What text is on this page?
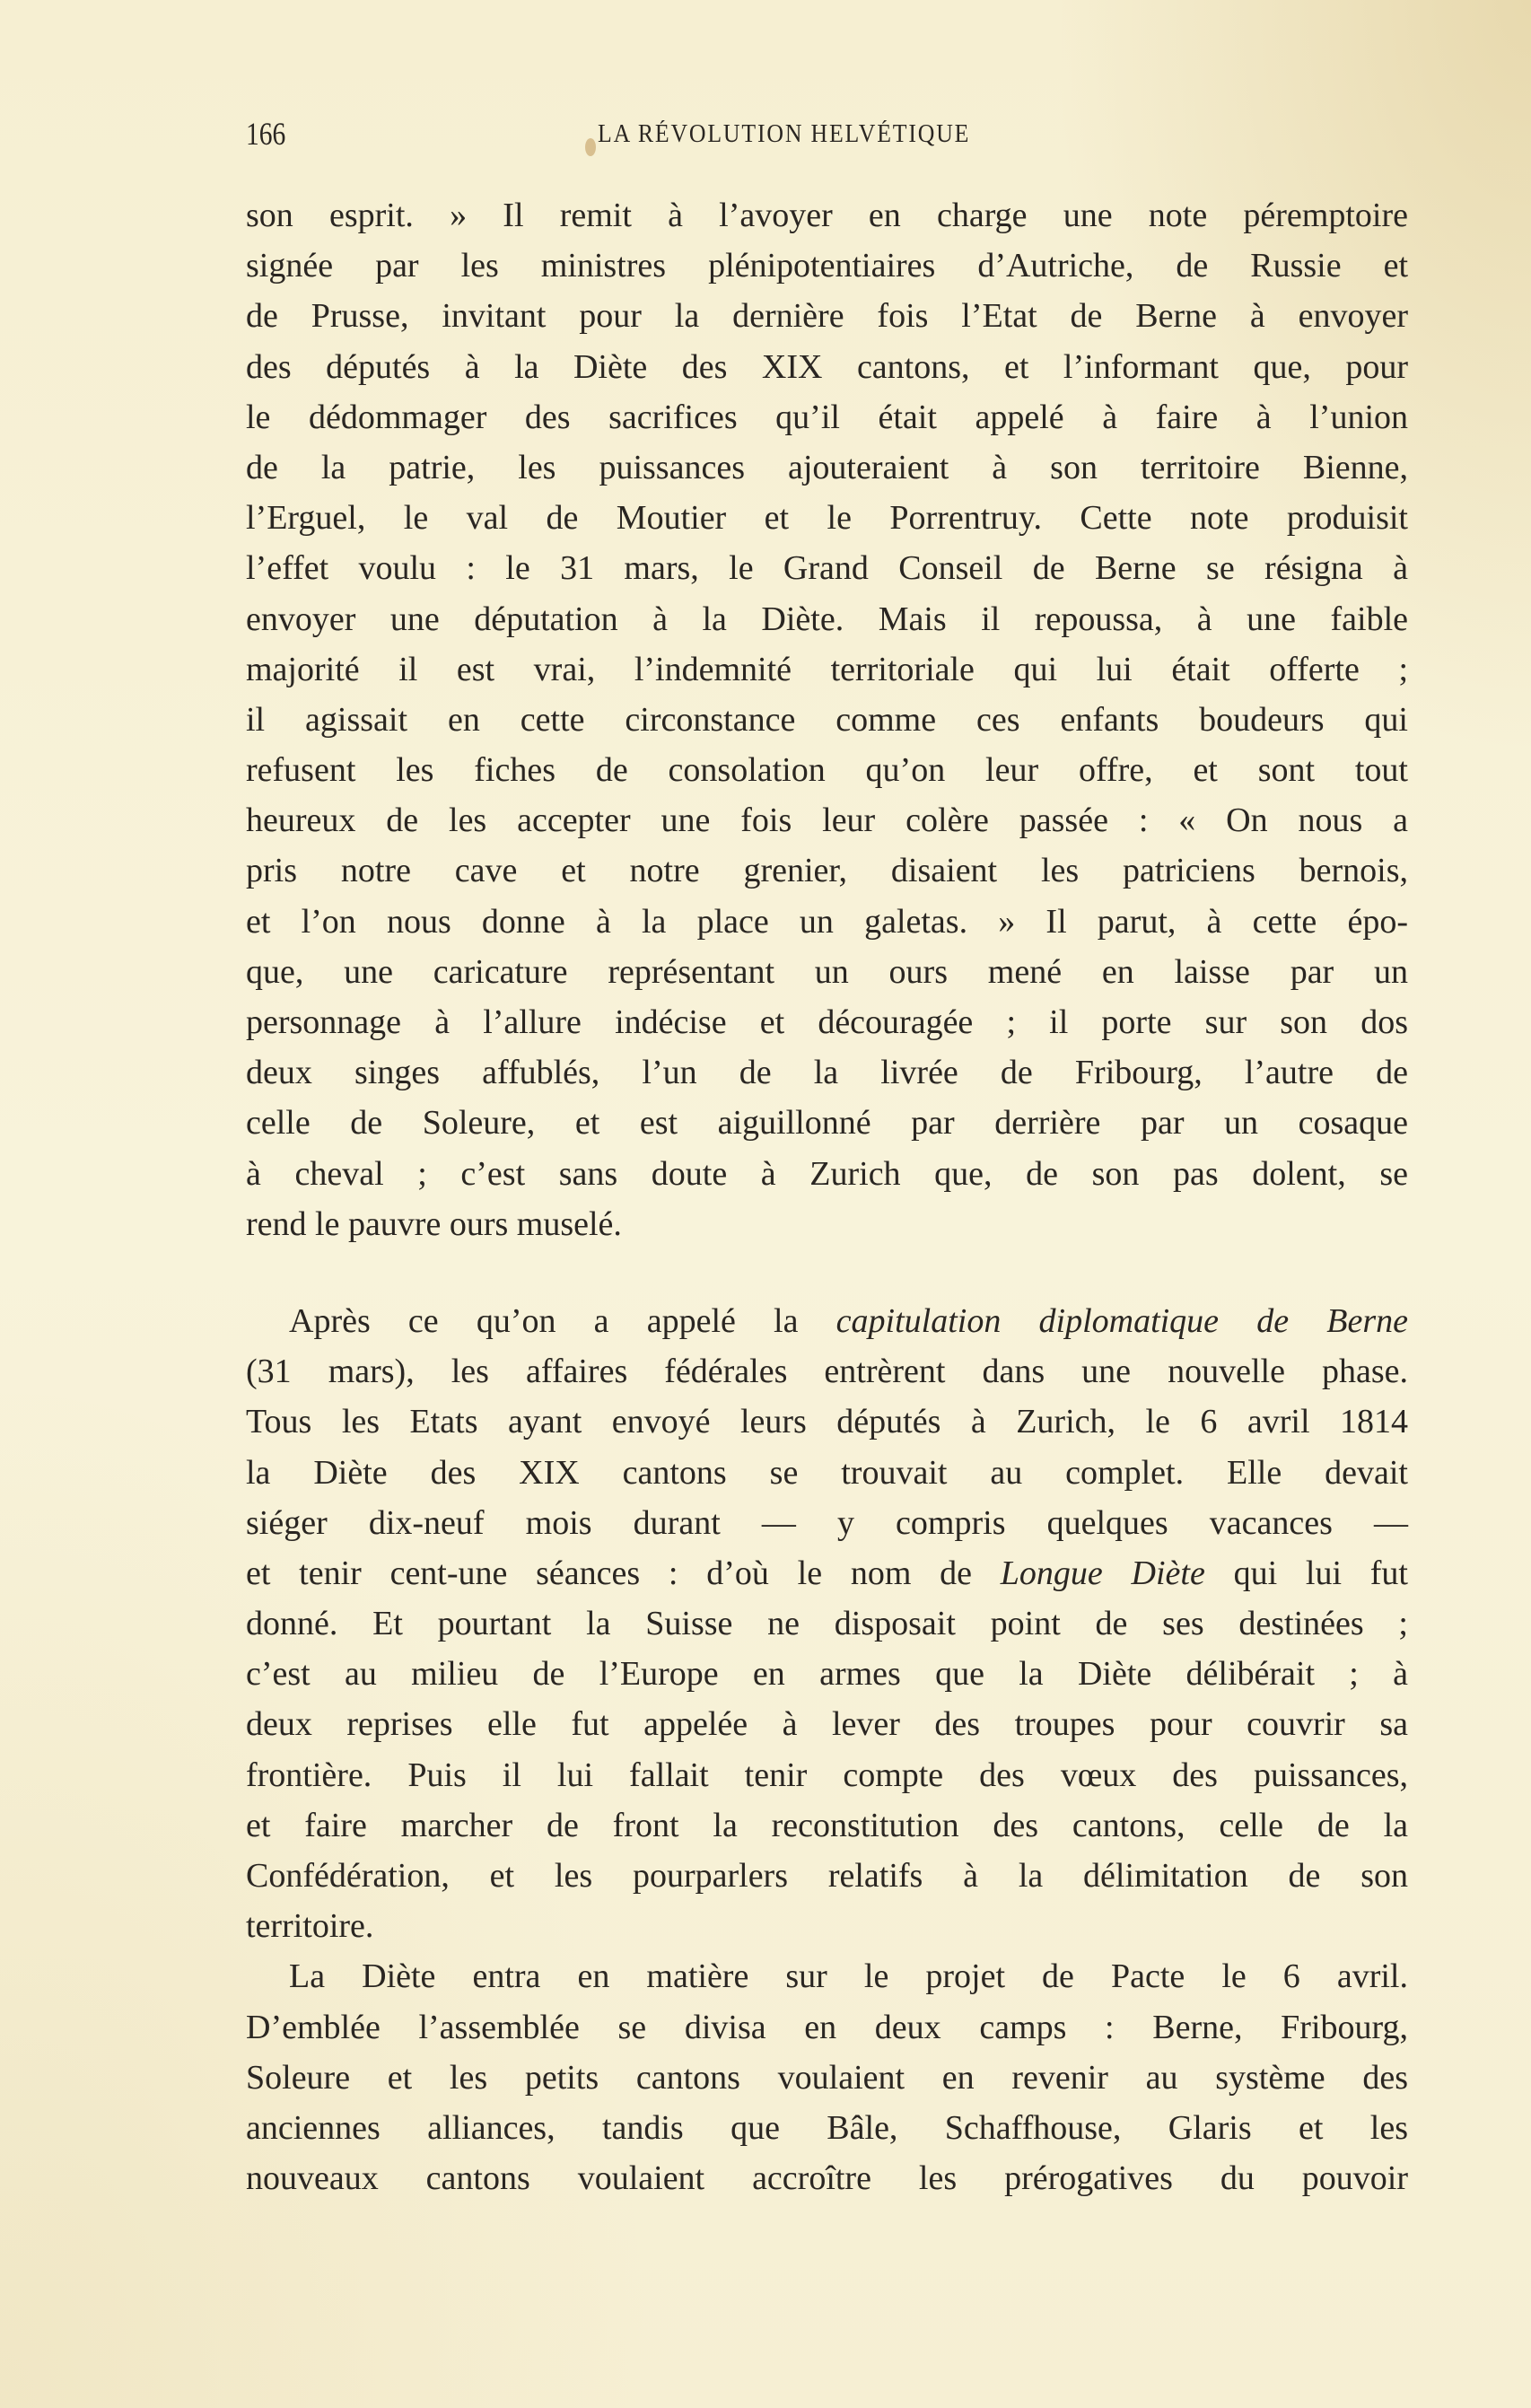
166	LA RÉVOLUTION HELVÉTIQUE
son esprit. » Il remit à l’avoyer en charge une note péremptoire
signée par les ministres plénipotentiaires d’Autriche, de Russie et
de Prusse, invitant pour la dernière fois l’Etat de Berne à envoyer
des députés à la Diète des XIX cantons, et l’informant que, pour
le dédommager des sacrifices qu’il était appelé à faire à l’union
de la patrie, les puissances ajouteraient à son territoire Bienne,
l’Erguel, le val de Moutier et le Porrentruy. Cette note produisit
l’effet voulu : le 31 mars, le Grand Conseil de Berne se résigna à
envoyer une députation à la Diète. Mais il repoussa, à une faible
majorité il est vrai, l’indemnité territoriale qui lui était offerte ;
il agissait en cette circonstance comme ces enfants boudeurs qui
refusent les fiches de consolation qu’on leur offre, et sont tout
heureux de les accepter une fois leur colère passée : « On nous a
pris notre cave et notre grenier, disaient les patriciens bernois,
et l’on nous donne à la place un galetas. » Il parut, à cette épo-
que, une caricature représentant un ours mené en laisse par un
personnage à l’allure indécise et découragée ; il porte sur son dos
deux singes affublés, l’un de la livrée de Fribourg, l’autre de
celle de Soleure, et est aiguillonné par derrière par un cosaque
à cheval ; c’est sans doute à Zurich que, de son pas dolent, se
rend le pauvre ours muselé.
Après ce qu’on a appelé la capitulation diplomatique de Berne
(31 mars), les affaires fédérales entrèrent dans une nouvelle phase.
Tous les Etats ayant envoyé leurs députés à Zurich, le 6 avril 1814
la Diète des XIX cantons se trouvait au complet. Elle devait
siéger dix-neuf mois durant — y compris quelques vacances —
et tenir cent-une séances : d’où le nom de Longue Diète qui lui fut
donné. Et pourtant la Suisse ne disposait point de ses destinées ;
c’est au milieu de l’Europe en armes que la Diète délibérait ; à
deux reprises elle fut appelée à lever des troupes pour couvrir sa
frontière. Puis il lui fallait tenir compte des vœux des puissances,
et faire marcher de front la reconstitution des cantons, celle de la
Confédération, et les pourparlers relatifs à la délimitation de son
territoire.
La Diète entra en matière sur le projet de Pacte le 6 avril.
D’emblée l’assemblée se divisa en deux camps : Berne, Fribourg,
Soleure et les petits cantons voulaient en revenir au système des
anciennes alliances, tandis que Bâle, Schaffhouse, Glaris et les
nouveaux cantons voulaient accroître les prérogatives du pouvoir
